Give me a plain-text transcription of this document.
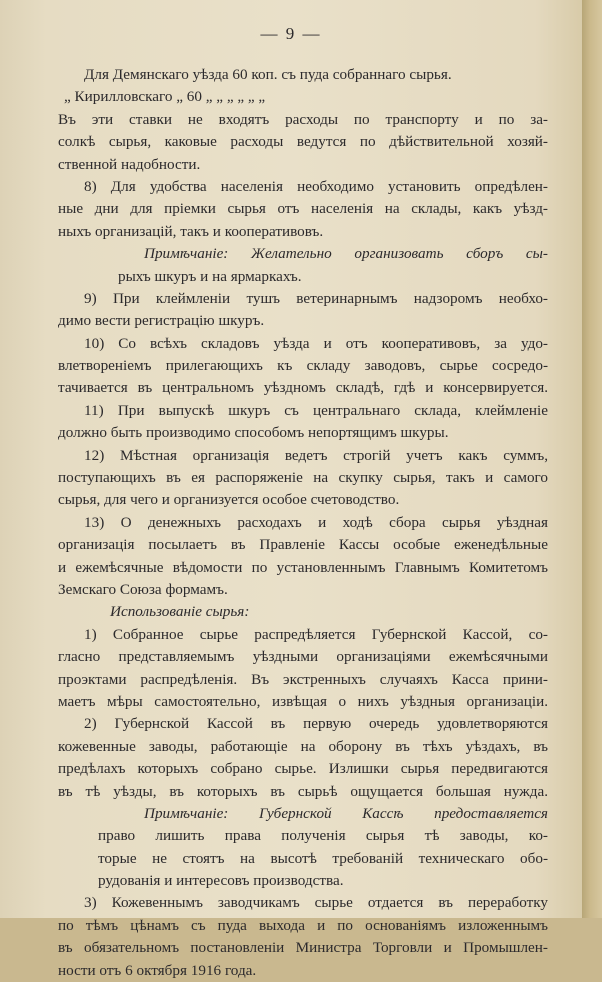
— 9 —
Для Демянскаго уѣзда 60 коп. съ пуда собраннаго сырья.
„ Кирилловскаго „ 60 „ „ „ „ „ „
Въ эти ставки не входятъ расходы по транспорту и по за-
солкѣ сырья, каковые расходы ведутся по дѣйствительной хозяй-
ственной надобности.
8) Для удобства населенія необходимо установить опредѣлен-
ные дни для пріемки сырья отъ населенія на склады, какъ уѣзд-
ныхъ организацій, такъ и кооперативовъ.
Примѣчаніе: Желательно организовать сборъ сы-
рыхъ шкуръ и на ярмаркахъ.
9) При клеймленіи тушъ ветеринарнымъ надзоромъ необхо-
димо вести регистрацію шкуръ.
10) Со всѣхъ складовъ уѣзда и отъ кооперативовъ, за удо-
влетвореніемъ прилегающихъ къ складу заводовъ, сырье сосредо-
тачивается въ центральномъ уѣздномъ складѣ, гдѣ и консервируется.
11) При выпускѣ шкуръ съ центральнаго склада, клеймленіе
должно быть производимо способомъ непортящимъ шкуры.
12) Мѣстная организація ведетъ строгій учетъ какъ суммъ,
поступающихъ въ ея распоряженіе на скупку сырья, такъ и самого
сырья, для чего и организуется особое счетоводство.
13) О денежныхъ расходахъ и ходѣ сбора сырья уѣздная
организація посылаетъ въ Правленіе Кассы особые еженедѣльные
и ежемѣсячные вѣдомости по установленнымъ Главнымъ Комитетомъ
Земскаго Союза формамъ.
Использованіе сырья:
1) Собранное сырье распредѣляется Губернской Кассой, со-
гласно представляемымъ уѣздными организаціями ежемѣсячными
проэктами распредѣленія. Въ экстренныхъ случаяхъ Касса прини-
маетъ мѣры самостоятельно, извѣщая о нихъ уѣздныя организаціи.
2) Губернской Кассой въ первую очередь удовлетворяются
кожевенные заводы, работающіе на оборону въ тѣхъ уѣздахъ, въ
предѣлахъ которыхъ собрано сырье. Излишки сырья передвигаются
въ тѣ уѣзды, въ которыхъ въ сырьѣ ощущается большая нужда.
Примѣчаніе: Губернской Кассѣ предоставляется
право лишить права полученія сырья тѣ заводы, ко-
торые не стоятъ на высотѣ требованій техническаго обо-
рудованія и интересовъ производства.
3) Кожевеннымъ заводчикамъ сырье отдается въ переработку
по тѣмъ цѣнамъ съ пуда выхода и по основаніямъ изложеннымъ
въ обязательномъ постановленіи Министра Торговли и Промышлен-
ности отъ 6 октября 1916 года.
